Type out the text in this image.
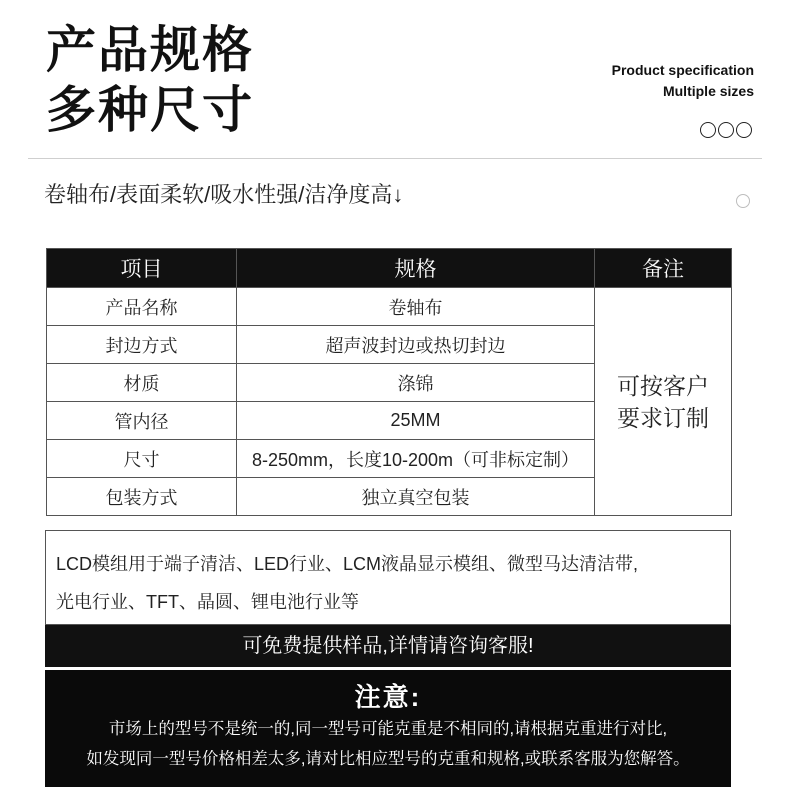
产品规格
多种尺寸
Product specification
Multiple sizes
卷轴布/表面柔软/吸水性强/洁净度高↓
项目	规格	备注
产品名称	卷轴布	可按客户
要求订制

封边方式	超声波封边或热切封边	
材质	涤锦	
管内径	25MM	
尺寸	8-250mm，长度10-200m（可非标定制）	
包装方式	独立真空包装	
LCD模组用于端子清洁、LED行业、LCM液晶显示模组、微型马达清洁带,
光电行业、TFT、晶圆、锂电池行业等
可免费提供样品,详情请咨询客服!
注意:
市场上的型号不是统一的,同一型号可能克重是不相同的,请根据克重进行对比,
如发现同一型号价格相差太多,请对比相应型号的克重和规格,或联系客服为您解答。
